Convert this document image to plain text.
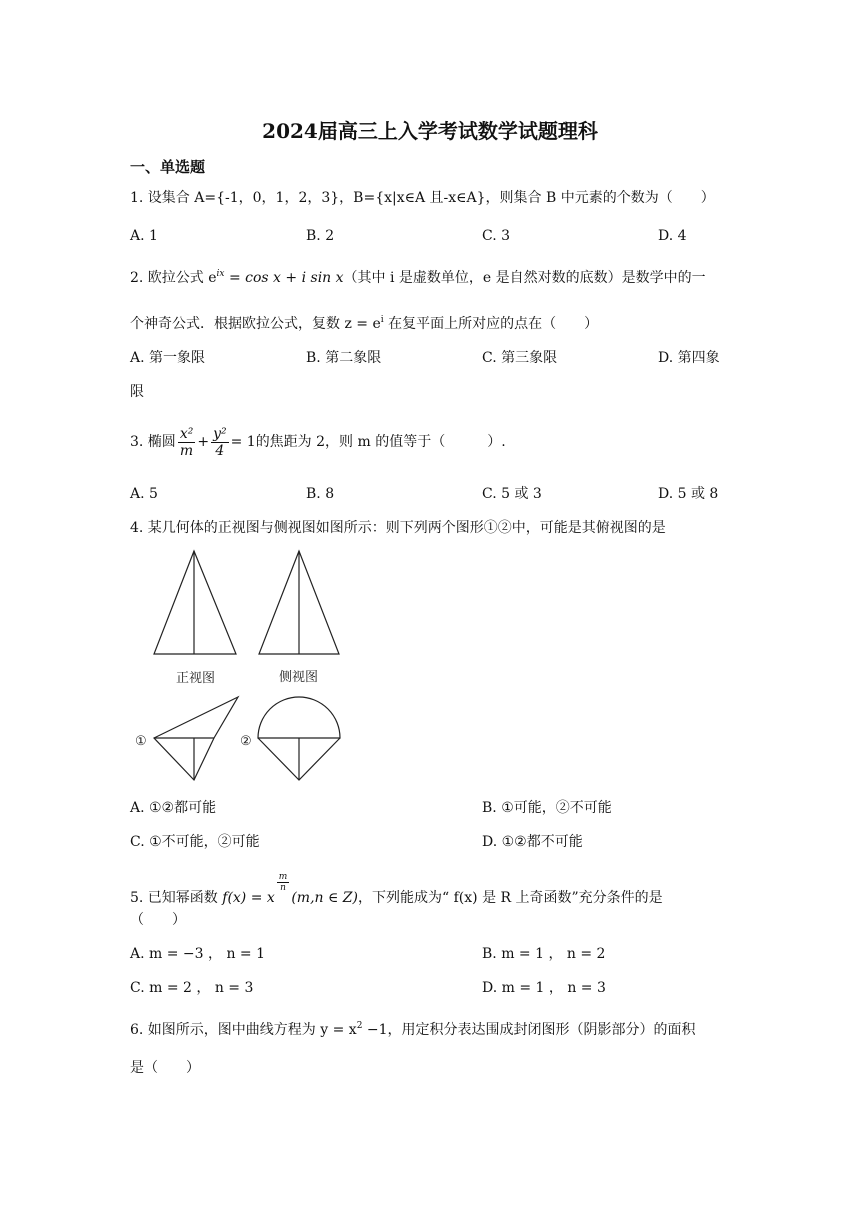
2024届高三上入学考试数学试题理科
一、单选题
1. 设集合 A={-1，0，1，2，3}，B={x|x∈A 且-x∈A}，则集合 B 中元素的个数为（　　）
A. 1	B. 2	C. 3	D. 4
2. 欧拉公式 $e^{ix} = \cos x + i$ sin x（其中 i 是虚数单位，e 是自然对数的底数）是数学中的一
个神奇公式．根据欧拉公式，复数 $z = e^i$ 在复平面上所对应的点在（　　）
A. 第一象限	B. 第二象限	C. 第三象限	D. 第四象
限
3. 椭圆 $\frac{\text{x²}}{m} + \frac{\text{y²}}{4} = 1$的焦距为 2，则 m 的值等于（　　　）.
A. 5	B. 8	C. 5 或 3	D. 5 或 8
4. 某几何体的正视图与侧视图如图所示：则下列两个图形①②中，可能是其俯视图的是
正视图	侧视图
①	②
A. ①②都可能	B. ①可能，②不可能
C. ①不可能，②可能	D. ①②都不可能
5. 已知幂函数 f(x) = x
$\frac{m}{n}$
(m,n ∈ Z)，下列能成为“ f(x) 是 R 上奇函数”充分条件的是
（　　）
A. m = −3 ， n = 1	B. m = 1 ， n = 2
C. m = 2 ， n = 3	D. m = 1 ， n = 3
6. 如图所示，图中曲线方程为 $y = x^2 -1$，用定积分表达围成封闭图形（阴影部分）的面积
是（　　）
